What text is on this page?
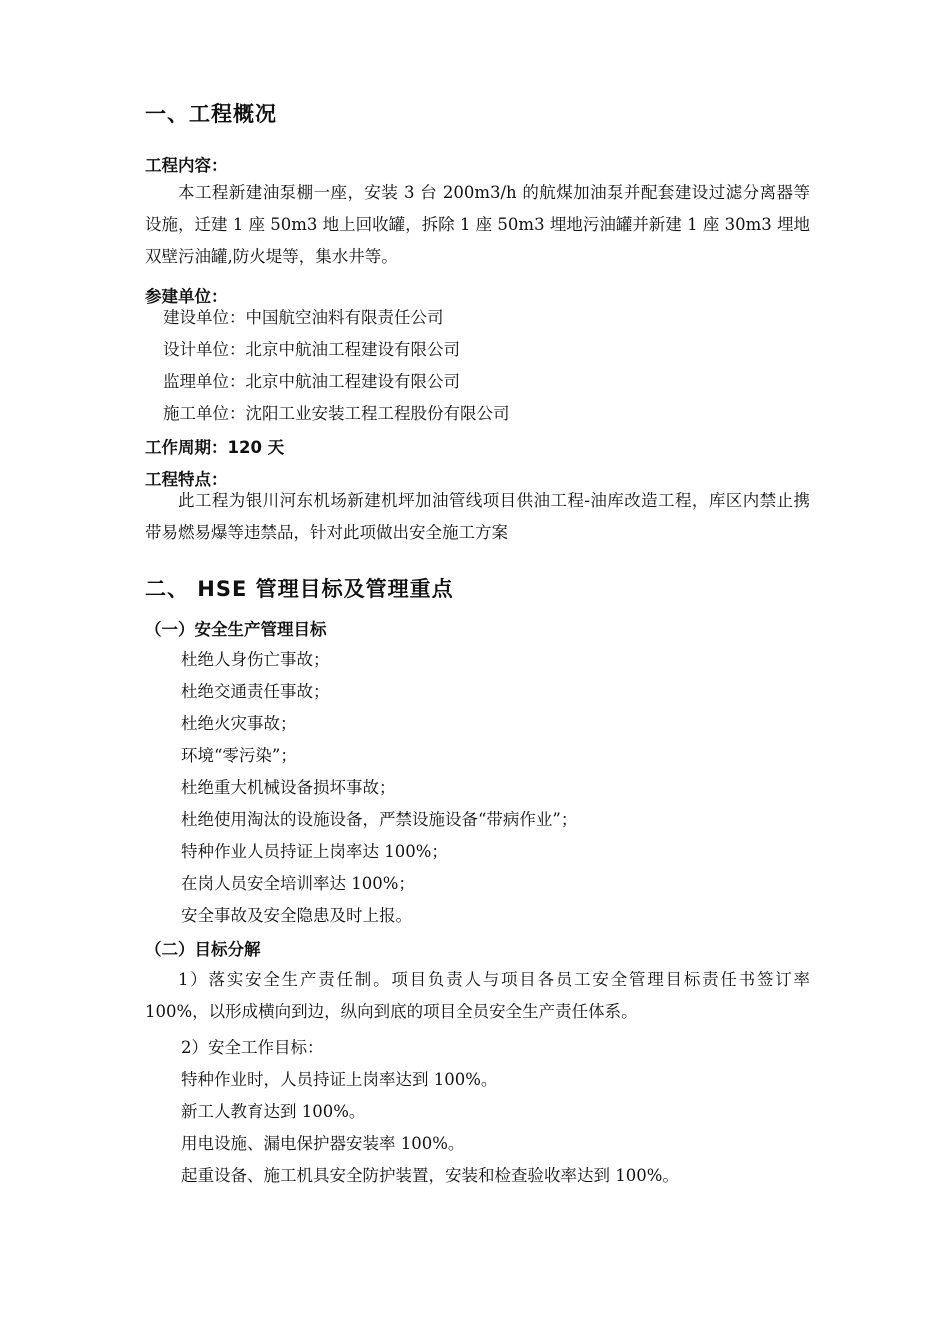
一、工程概况
工程内容：
本工程新建油泵棚一座，安装 3 台 200m3/h 的航煤加油泵并配套建设过滤分离器等设施，迁建 1 座 50m3 地上回收罐，拆除 1 座 50m3 埋地污油罐并新建 1 座 30m3 埋地双壁污油罐,防火堤等，集水井等。
参建单位：
建设单位：中国航空油料有限责任公司
设计单位：北京中航油工程建设有限公司
监理单位：北京中航油工程建设有限公司
施工单位：沈阳工业安装工程工程股份有限公司
工作周期：120 天
工程特点：
此工程为银川河东机场新建机坪加油管线项目供油工程-油库改造工程，库区内禁止携带易燃易爆等违禁品，针对此项做出安全施工方案
二、 HSE 管理目标及管理重点
（一）安全生产管理目标
杜绝人身伤亡事故；
杜绝交通责任事故；
杜绝火灾事故；
环境“零污染”；
杜绝重大机械设备损坏事故；
杜绝使用淘汰的设施设备，严禁设施设备“带病作业”；
特种作业人员持证上岗率达 100%；
在岗人员安全培训率达 100%；
安全事故及安全隐患及时上报。
（二）目标分解
1）落实安全生产责任制。项目负责人与项目各员工安全管理目标责任书签订率 100%，以形成横向到边，纵向到底的项目全员安全生产责任体系。
2）安全工作目标：
特种作业时，人员持证上岗率达到 100%。
新工人教育达到 100%。
用电设施、漏电保护器安装率 100%。
起重设备、施工机具安全防护装置，安装和检查验收率达到 100%。
